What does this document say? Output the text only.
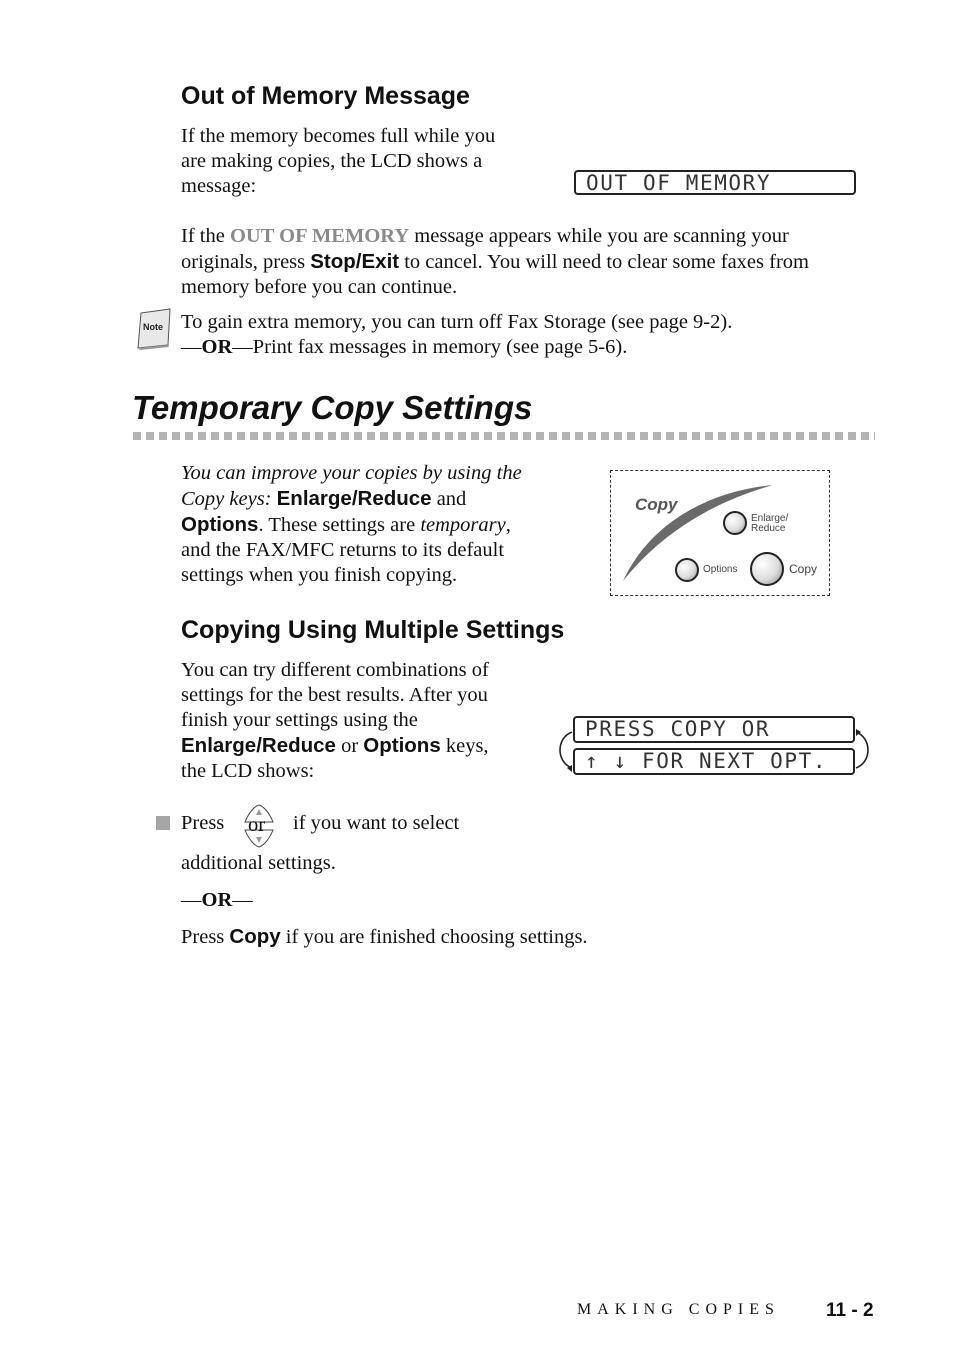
Out of Memory Message
If the memory becomes full while you
are making copies, the LCD shows a
message:	OUT OF MEMORY
If the OUT OF MEMORY message appears while you are scanning your
originals, press Stop/Exit to cancel. You will need to clear some faxes from
memory before you can continue.
Note To gain extra memory, you can turn off Fax Storage (see page 9-2).
—OR—Print fax messages in memory (see page 5-6).
Temporary Copy Settings
You can improve your copies by using the
Copy keys: Enlarge/Reduce and
Options. These settings are temporary,
and the FAX/MFC returns to its default
settings when you finish copying.
Copy
Enlarge/
Reduce
Options	Copy
Copying Using Multiple Settings
You can try different combinations of
settings for the best results. After you
finish your settings using the
Enlarge/Reduce or Options keys,
the LCD shows:
PRESS COPY OR
↑ ↓ FOR NEXT OPT.
Press or if you want to select
additional settings.
—OR—
Press Copy if you are finished choosing settings.
MAKING COPIES 11 - 2
